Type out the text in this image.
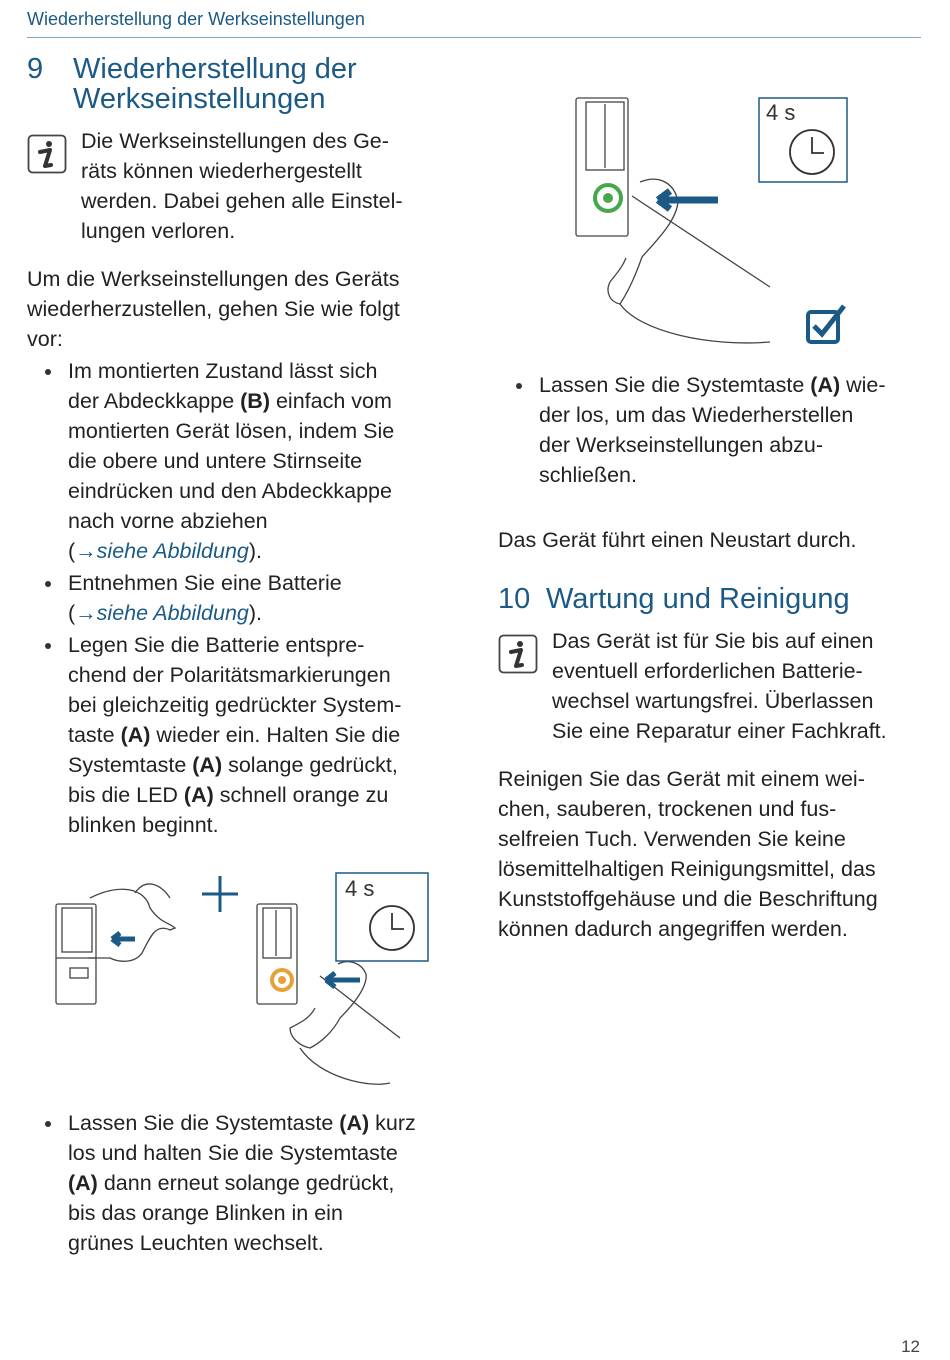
Wiederherstellung der Werkseinstellungen
9	Wiederherstellung der
Werkseinstellungen

Die Werkseinstellungen des Ge-

räts können wiederhergestellt

werden. Dabei gehen alle Einstel-

lungen verloren.

Um die Werkseinstellungen des Geräts

wiederherzustellen, gehen Sie wie folgt

vor:

Im montierten Zustand lässt sich
der Abdeckkappe (B) einfach vom
montierten Gerät lösen, indem Sie
die obere und untere Stirnseite
eindrücken und den Abdeckkappe
nach vorne abziehen
(→siehe Abbildung).
Entnehmen Sie eine Batterie
(→siehe Abbildung).
Legen Sie die Batterie entspre-
chend der Polaritätsmarkierungen
bei gleichzeitig gedrückter System-
taste (A) wieder ein. Halten Sie die
Systemtaste (A) solange gedrückt,
bis die LED (A) schnell orange zu
blinken beginnt.
4 s
Lassen Sie die Systemtaste (A) kurz
los und halten Sie die Systemtaste
(A) dann erneut solange gedrückt,
bis das orange Blinken in ein
grünes Leuchten wechselt.
4 s
Lassen Sie die Systemtaste (A) wie-
der los, um das Wiederherstellen
der Werkseinstellungen abzu-
schließen.

Das Gerät führt einen Neustart durch.

10 Wartung und Reinigung

Das Gerät ist für Sie bis auf einen

eventuell erforderlichen Batterie-

wechsel wartungsfrei. Überlassen

Sie eine Reparatur einer Fachkraft.

Reinigen Sie das Gerät mit einem wei-

chen, sauberen, trockenen und fus-

selfreien Tuch. Verwenden Sie keine

lösemittelhaltigen Reinigungsmittel, das

Kunststoffgehäuse und die Beschriftung

können dadurch angegriffen werden.

12
